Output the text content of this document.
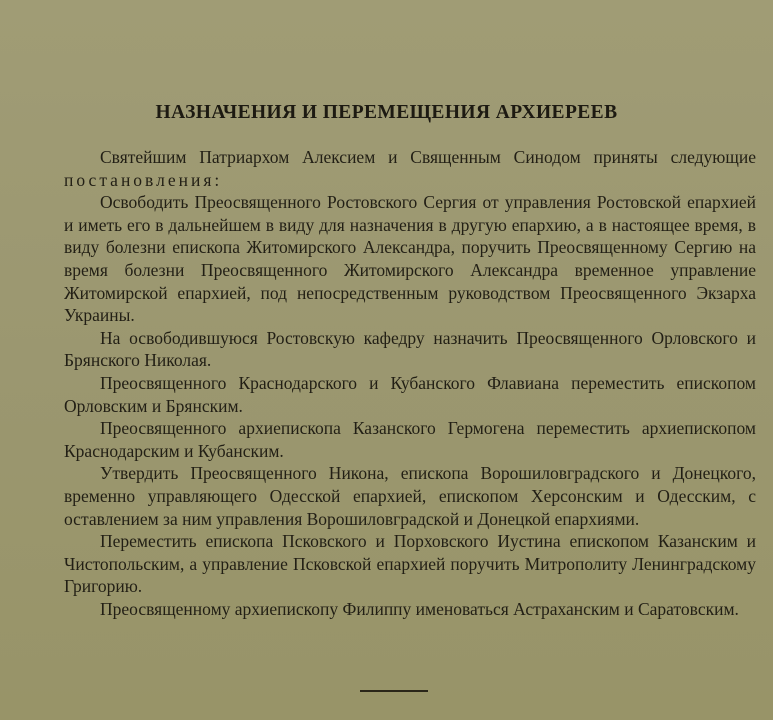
НАЗНАЧЕНИЯ И ПЕРЕМЕЩЕНИЯ АРХИЕРЕЕВ

Святейшим Патриархом Алексием и Священным Синодом приняты следующие постановления:

Освободить Преосвященного Ростовского Сергия от управления Ростовской епархией и иметь его в дальнейшем в виду для назначения в другую епархию, а в настоящее время, в виду болезни епископа Житомирского Александра, поручить Преосвященному Сергию на время болезни Преосвященного Житомирского Александра временное управление Житомирской епархией, под непосредственным руководством Преосвященного Экзарха Украины.

На освободившуюся Ростовскую кафедру назначить Преосвященного Орловского и Брянского Николая.

Преосвященного Краснодарского и Кубанского Флавиана переместить епископом Орловским и Брянским.

Преосвященного архиепископа Казанского Гермогена переместить архиепископом Краснодарским и Кубанским.

Утвердить Преосвященного Никона, епископа Ворошиловградского и Донецкого, временно управляющего Одесской епархией, епископом Херсонским и Одесским, с оставлением за ним управления Ворошиловградской и Донецкой епархиями.

Переместить епископа Псковского и Порховского Иустина епископом Казанским и Чистопольским, а управление Псковской епархией поручить Митрополиту Ленинградскому Григорию.

Преосвященному архиепископу Филиппу именоваться Астраханским и Саратовским.
